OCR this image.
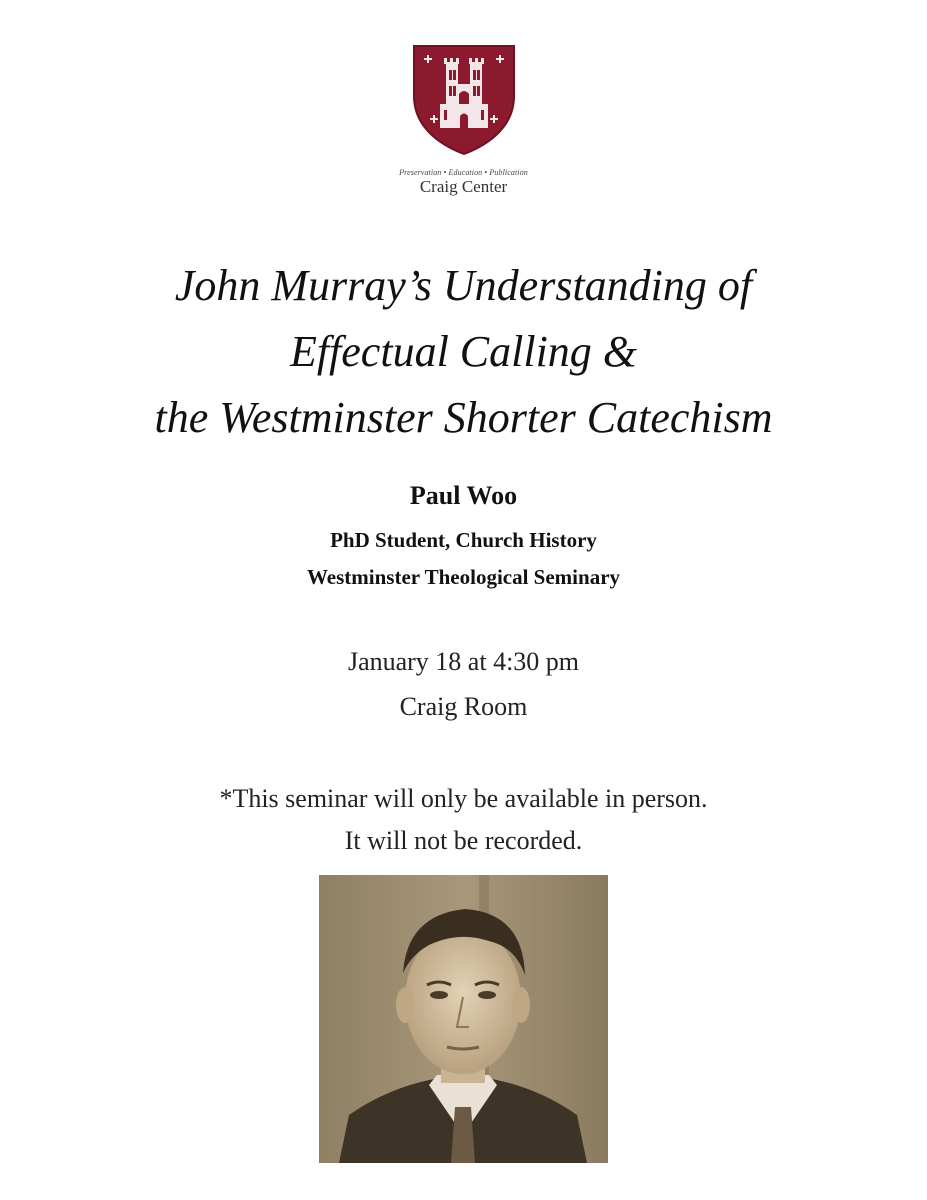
Preservation • Education • Publication
Craig Center
John Murray’s Understanding of
Effectual Calling &
the Westminster Shorter Catechism
Paul Woo
PhD Student, Church History
Westminster Theological Seminary
January 18 at 4:30 pm
Craig Room
*This seminar will only be available in person.
It will not be recorded.
